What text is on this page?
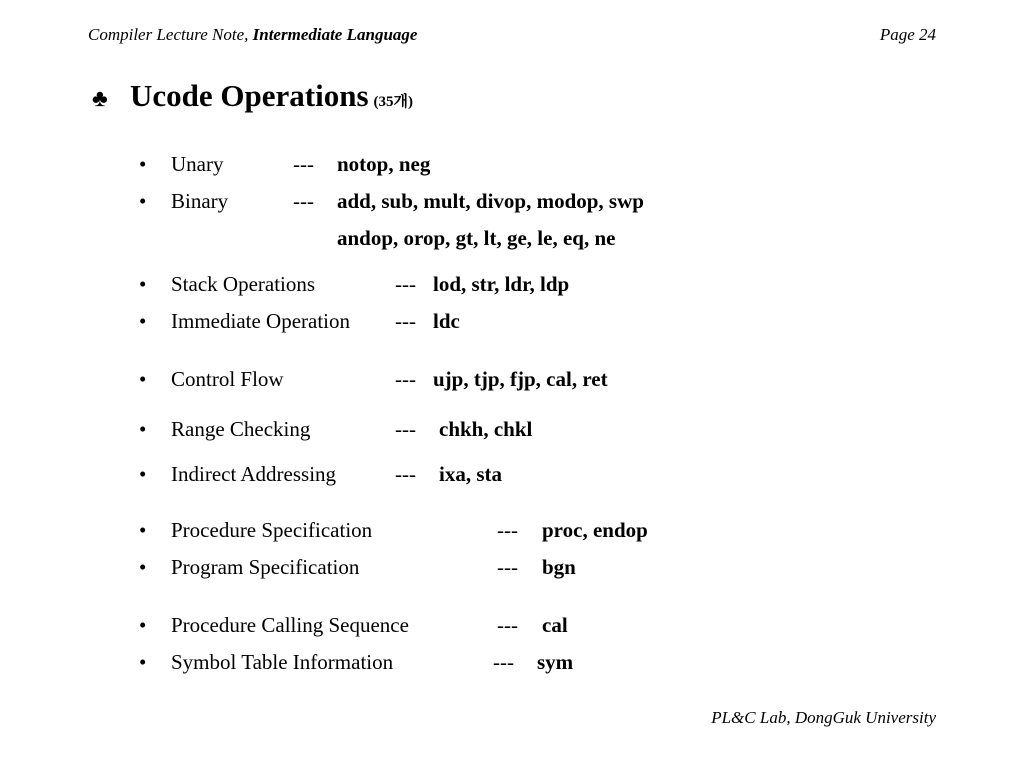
Compiler Lecture Note, Intermediate Language	Page 24
♣ Ucode Operations (35개)
•	Unary	--- notop, neg
•	Binary	--- add, sub, mult, divop, modop, swp
andop, orop, gt, lt, ge, le, eq, ne
•	Stack Operations	--- lod, str, ldr, ldp
•	Immediate Operation --- ldc
•	Control Flow	--- ujp, tjp, fjp, cal, ret
•	Range Checking	--- chkh, chkl
•	Indirect Addressing	--- ixa, sta
•	Procedure Specification	--- proc, endop
•	Program Specification	--- bgn
•	Procedure Calling Sequence	--- cal
•	Symbol Table Information	--- sym
PL&C Lab, DongGuk University
